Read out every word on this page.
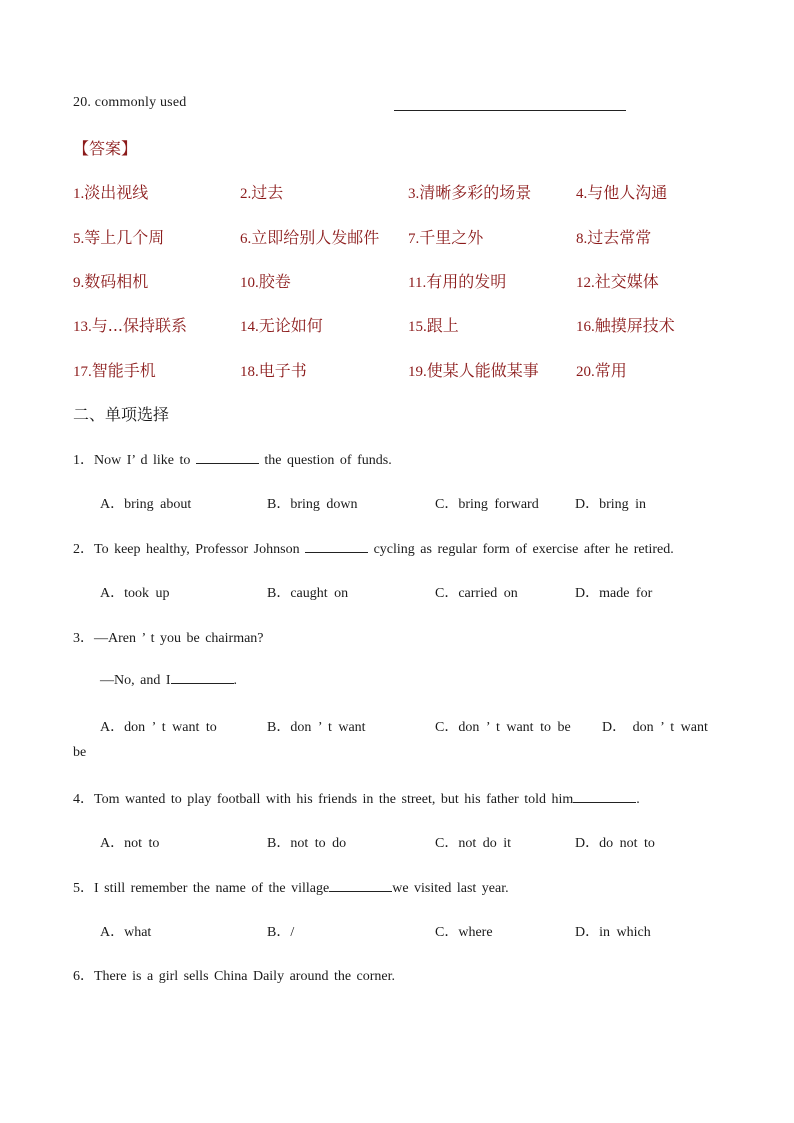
20. commonly used
【答案】
1.淡出视线	2.过去	3.清晰多彩的场景	4.与他人沟通
5.等上几个周	6.立即给别人发邮件 7.千里之外	8.过去常常
9.数码相机	10.胶卷	11.有用的发明	12.社交媒体
13.与...保持联系	14.无论如何	15.跟上	16.触摸屏技术
17.智能手机	18.电子书	19.使某人能做某事 20.常用
二、单项选择
1．Now I’ d like to	the question of funds.
A．bring about	B．bring down	C．bring forward	D．bring in
2．To keep healthy, Professor Johnson	cycling as regular form of exercise after he retired.
A．took up	B．caught on	C．carried on	D．made for
3．—Aren ’ t you be chairman?
—No, and I	.
A．don ’ t want to	B．don ’ t want	C．don ’ t want to be D． don ’ t want
be
4．Tom wanted to play football with his friends in the street, but his father told him	.
A．not to	B．not to do	C．not do it	D．do not to
5．I still remember the name of the village	we visited last year.
A．what	B．/	C．where	D．in which
6．There is a girl sells China Daily around the corner.
